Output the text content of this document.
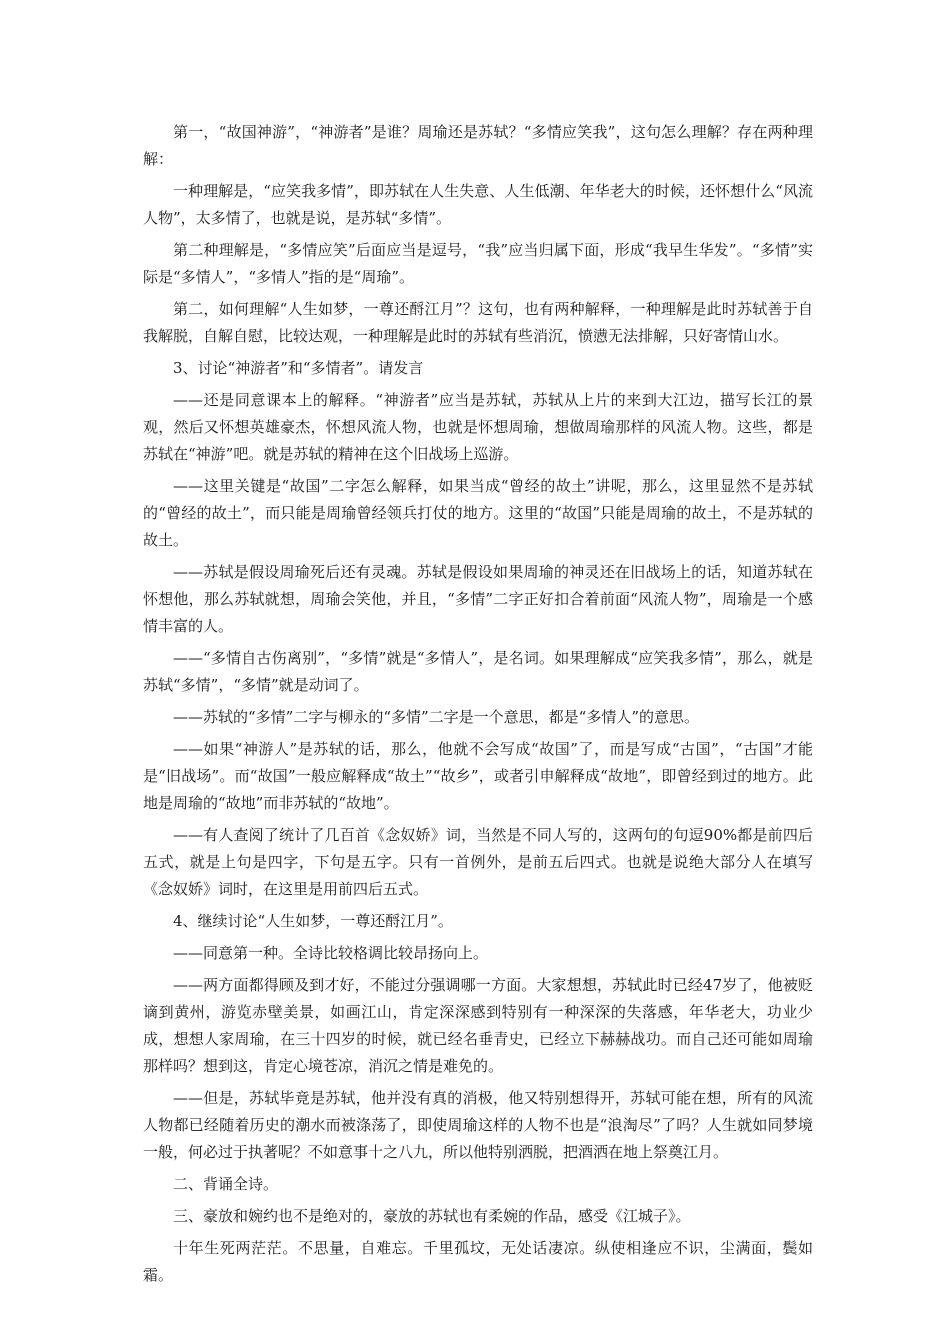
第一，“故国神游”，“神游者”是谁？周瑜还是苏轼？“多情应笑我”，这句怎么理解？存在两种理解：

一种理解是，“应笑我多情”，即苏轼在人生失意、人生低潮、年华老大的时候，还怀想什么“风流人物”，太多情了，也就是说，是苏轼“多情”。

第二种理解是，“多情应笑”后面应当是逗号，“我”应当归属下面，形成“我早生华发”。“多情”实际是“多情人”，“多情人”指的是“周瑜”。

第二，如何理解“人生如梦，一尊还酹江月”？这句，也有两种解释，一种理解是此时苏轼善于自我解脱，自解自慰，比较达观，一种理解是此时的苏轼有些消沉，愤懑无法排解，只好寄情山水。

3、讨论“神游者”和“多情者”。请发言

——还是同意课本上的解释。“神游者”应当是苏轼，苏轼从上片的来到大江边，描写长江的景观，然后又怀想英雄豪杰，怀想风流人物，也就是怀想周瑜，想做周瑜那样的风流人物。这些，都是苏轼在“神游”吧。就是苏轼的精神在这个旧战场上巡游。

——这里关键是“故国”二字怎么解释，如果当成“曾经的故土”讲呢，那么，这里显然不是苏轼的“曾经的故土”，而只能是周瑜曾经领兵打仗的地方。这里的“故国”只能是周瑜的故土，不是苏轼的故土。

——苏轼是假设周瑜死后还有灵魂。苏轼是假设如果周瑜的神灵还在旧战场上的话，知道苏轼在怀想他，那么苏轼就想，周瑜会笑他，并且，“多情”二字正好扣合着前面“风流人物”，周瑜是一个感情丰富的人。

——“多情自古伤离别”，“多情”就是“多情人”，是名词。如果理解成“应笑我多情”，那么，就是苏轼“多情”，“多情”就是动词了。

——苏轼的“多情”二字与柳永的“多情”二字是一个意思，都是“多情人”的意思。

——如果“神游人”是苏轼的话，那么，他就不会写成“故国”了，而是写成“古国”，“古国”才能是“旧战场”。而“故国”一般应解释成“故土”“故乡”，或者引申解释成“故地”，即曾经到过的地方。此地是周瑜的“故地”而非苏轼的“故地”。

——有人查阅了统计了几百首《念奴娇》词，当然是不同人写的，这两句的句逗90%都是前四后五式，就是上句是四字，下句是五字。只有一首例外，是前五后四式。也就是说绝大部分人在填写《念奴娇》词时，在这里是用前四后五式。

4、继续讨论“人生如梦，一尊还酹江月”。

——同意第一种。全诗比较格调比较昂扬向上。

——两方面都得顾及到才好，不能过分强调哪一方面。大家想想，苏轼此时已经47岁了，他被贬谪到黄州，游览赤壁美景，如画江山，肯定深深感到特别有一种深深的失落感，年华老大，功业少成，想想人家周瑜，在三十四岁的时候，就已经名垂青史，已经立下赫赫战功。而自己还可能如周瑜那样吗？想到这，肯定心境苍凉，消沉之情是难免的。

——但是，苏轼毕竟是苏轼，他并没有真的消极，他又特别想得开，苏轼可能在想，所有的风流人物都已经随着历史的潮水而被涤荡了，即使周瑜这样的人物不也是“浪淘尽”了吗？人生就如同梦境一般，何必过于执著呢？不如意事十之八九，所以他特别洒脱，把酒洒在地上祭奠江月。

二、背诵全诗。

三、豪放和婉约也不是绝对的，豪放的苏轼也有柔婉的作品，感受《江城子》。

十年生死两茫茫。不思量，自难忘。千里孤坟，无处话凄凉。纵使相逢应不识，尘满面，鬓如霜。
